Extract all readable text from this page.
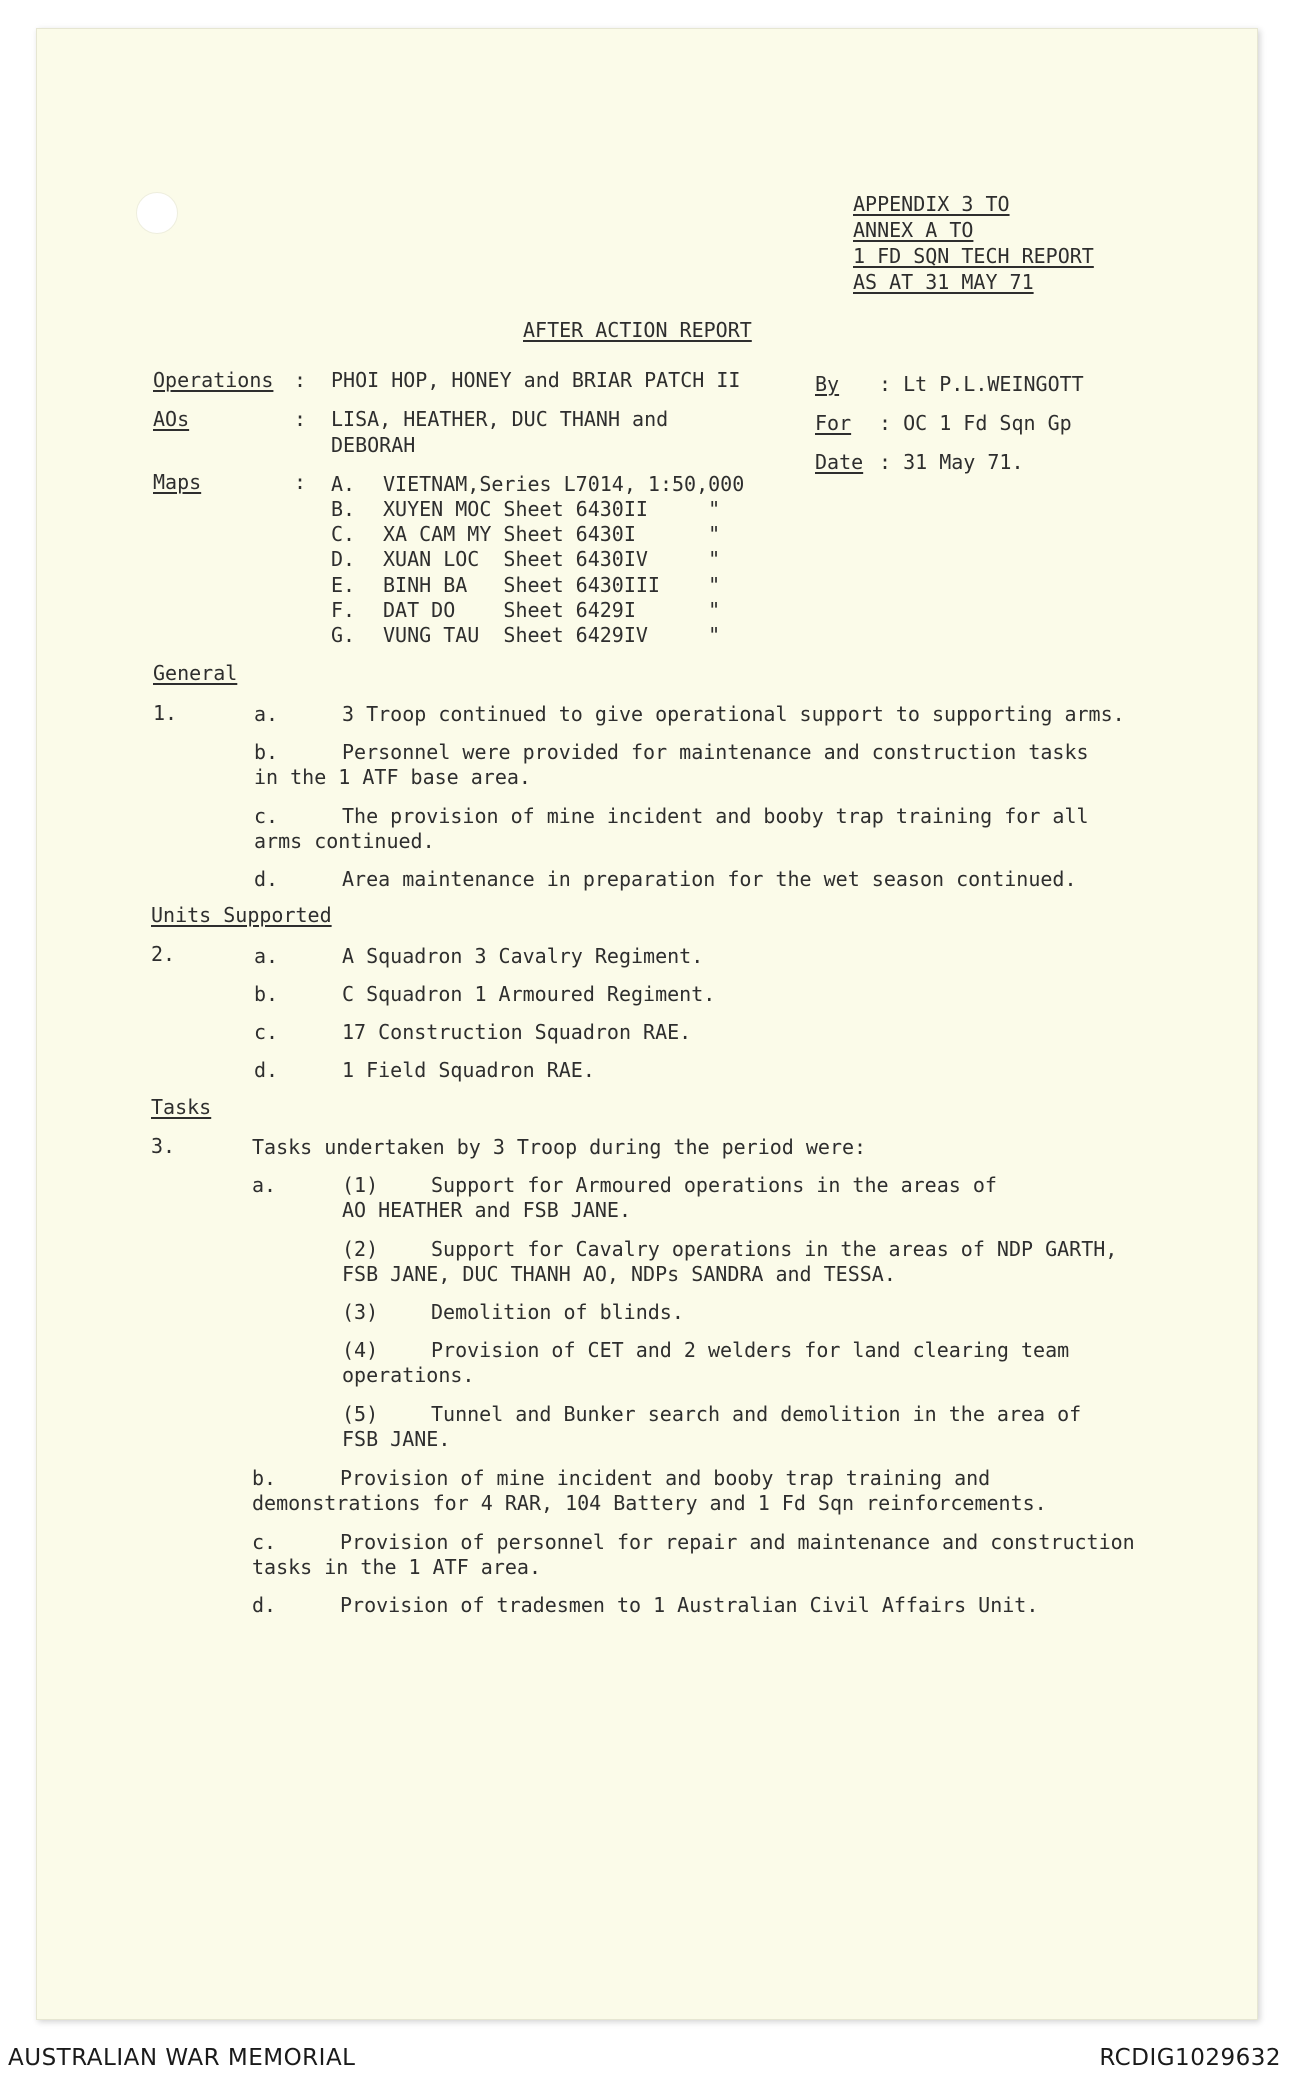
APPENDIX 3 TO
ANNEX A TO
1 FD SQN TECH REPORT
AS AT 31 MAY 71
AFTER ACTION REPORT
Operations : PHOI HOP, HONEY and BRIAR PATCH II
AOs	: LISA, HEATHER, DUC THANH and
DEBORAH
Maps	: A. VIETNAM,Series L7014, 1:50,000
B. XUYEN MOC Sheet 6430II     "
C. XA CAM MY Sheet 6430I      "
D. XUAN LOC  Sheet 6430IV     "
E. BINH BA   Sheet 6430III    "
F. DAT DO    Sheet 6429I      "
G. VUNG TAU  Sheet 6429IV     "
By : Lt P.L.WEINGOTT
For : OC 1 Fd Sqn Gp
Date : 31 May 71.
General
1.	a.	3 Troop continued to give operational support to supporting arms.
b.	Personnel were provided for maintenance and construction tasks
in the 1 ATF base area.
c.	The provision of mine incident and booby trap training for all
arms continued.
d.	Area maintenance in preparation for the wet season continued.
Units Supported
2.	a.	A Squadron 3 Cavalry Regiment.
b.	C Squadron 1 Armoured Regiment.
c.	17 Construction Squadron RAE.
d.	1 Field Squadron RAE.
Tasks
3.	Tasks undertaken by 3 Troop during the period were:
a.	(1)	Support for Armoured operations in the areas of
AO HEATHER and FSB JANE.
(2)	Support for Cavalry operations in the areas of NDP GARTH,
FSB JANE, DUC THANH AO, NDPs SANDRA and TESSA.
(3)	Demolition of blinds.
(4)	Provision of CET and 2 welders for land clearing team
operations.
(5)	Tunnel and Bunker search and demolition in the area of
FSB JANE.
b.	Provision of mine incident and booby trap training and
demonstrations for 4 RAR, 104 Battery and 1 Fd Sqn reinforcements.
c.	Provision of personnel for repair and maintenance and construction
tasks in the 1 ATF area.
d.	Provision of tradesmen to 1 Australian Civil Affairs Unit.
AUSTRALIAN WAR MEMORIAL	RCDIG1029632
